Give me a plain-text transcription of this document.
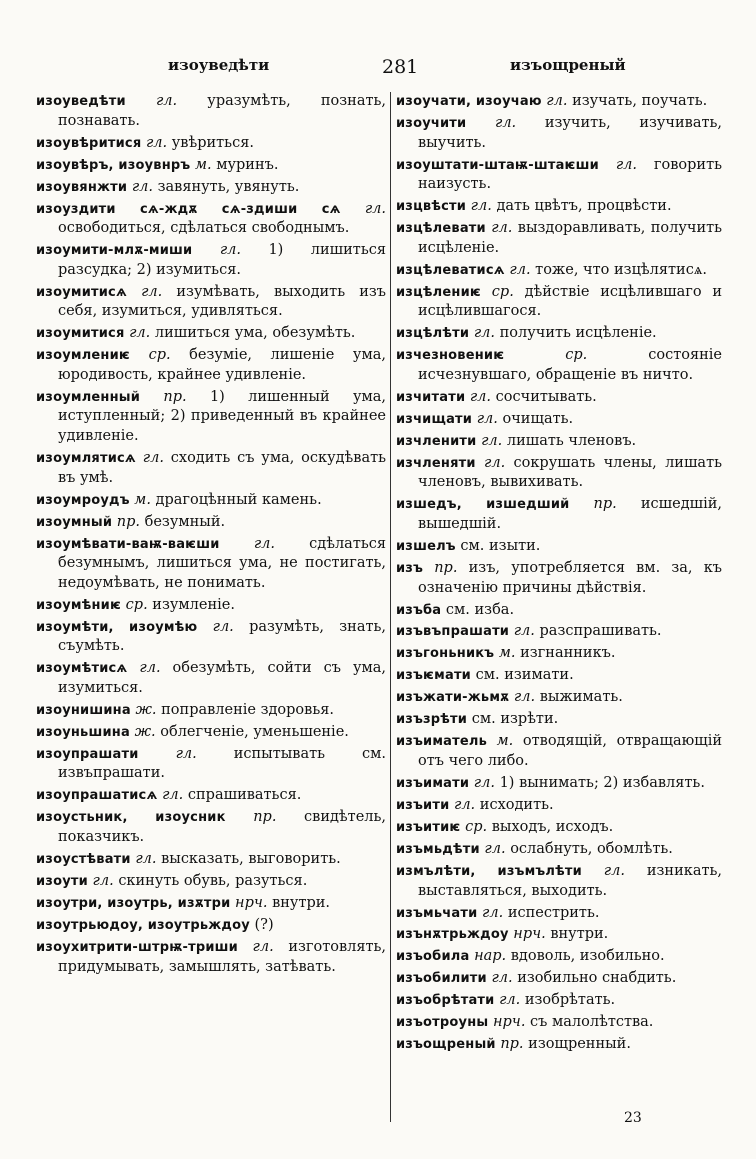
изоуведѣти	281	изъощреный

изоуведѣти гл. уразумѣть, познать, познавать.

изоувѣритися гл. увѣриться.

изоувѣръ, изоувнръ м. муринъ.

изоувянжти гл. завянуть, увянуть.

изоуздити сѧ-ждѫ сѧ-здиши сѧ гл. освободиться, сдѣлаться свободнымъ.

изоумити-млѫ-миши гл. 1) лишиться разсудка; 2) изумиться.

изоумитисѧ гл. изумѣвать, выходить изъ себя, изумиться, удивляться.

изоумитися гл. лишиться ума, обезумѣть.

изоумлениѥ ср. безуміе, лишеніе ума, юродивость, крайнее удивленіе.

изоумленный пр. 1) лишенный ума, иступленный; 2) приведенный въ крайнее удивленіе.

изоумлятисѧ гл. сходить съ ума, оскудѣвать въ умѣ.

изоумроудъ м. драгоцѣнный камень.

изоумный пр. безумный.

изоумѣвати-ваѭ-ваѥши гл. сдѣлаться безумнымъ, лишиться ума, не постигать, недоумѣвать, не понимать.

изоумѣниѥ ср. изумленіе.

изоумѣти, изоумѣю гл. разумѣть, знать, съумѣть.

изоумѣтисѧ гл. обезумѣть, сойти съ ума, изумиться.

изоунишина ж. поправленіе здоровья.

изоуньшина ж. облегченіе, уменьшеніе.

изоупрашати	гл.	испытывать см. извъпрашати.

изоупрашатисѧ гл. спрашиваться.

изоустьник, изоусник пр. свидѣтель, показчикъ.

изоустѣвати гл. высказать, выговорить.

изоути гл. скинуть обувь, разуться.

изоутри, изоутрь, изѫтри нрч. внутри.

изоутрьюдоу, изоутрьждоу (?)

изоухитрити-штрѭ-триши гл. изготовлять, придумывать, замышлять, затѣвать.

изоучати, изоучаю гл. изучать, поучать.

изоучити гл. изучить, изучивать, выучить.

изоуштати-штаѭ-штаѥши гл. говорить наизусть.

изцвѣсти гл. дать цвѣтъ, процвѣсти.

изцѣлевати гл. выздоравливать, получить исцѣленіе.

изцѣлеватисѧ гл. тоже, что изцѣлятисѧ.

изцѣлениѥ ср. дѣйствіе исцѣлившаго и исцѣлившагося.

изцѣлѣти гл. получить исцѣленіе.

изчезновениѥ	ср.	состояніе исчезнувшаго, обращеніе въ ничто.

изчитати гл. сосчитывать.

изчищати гл. очищать.

изчленити гл. лишать членовъ.

изчленяти гл. сокрушать члены, лишать членовъ, вывихивать.

изшедъ, изшедший пр. исшедшій, вышедшій.

изшелъ см. изыти.

изъ пр. изъ, употребляется вм. за, къ означенію причины дѣйствія.

изъба см. изба.

изъвъпрашати гл. разспрашивать.

изъгоньникъ м. изгнанникъ.

изъѥмати см. изимати.

изъжати-жьмѫ гл. выжимать.

изъзрѣти см. изрѣти.

изъиматель м. отводящій, отвращающій отъ чего либо.

изъимати гл. 1) вынимать; 2) избавлять.

изъити гл. исходить.

изъитиѥ ср. выходъ, исходъ.

изъмьдѣти гл. ослабнуть, обомлѣть.

измълѣти, изъмълѣти гл. изникать, выставляться, выходить.

изъмьчати гл. испестрить.

изънѫтрьждоу нрч. внутри.

изъобила нар. вдоволь, изобильно.

изъобилити гл. изобильно снабдить.

изъобрѣтати гл. изобрѣтать.

изъотроуны нрч. съ малолѣтства.

изъощреный пр. изощренный.

23
